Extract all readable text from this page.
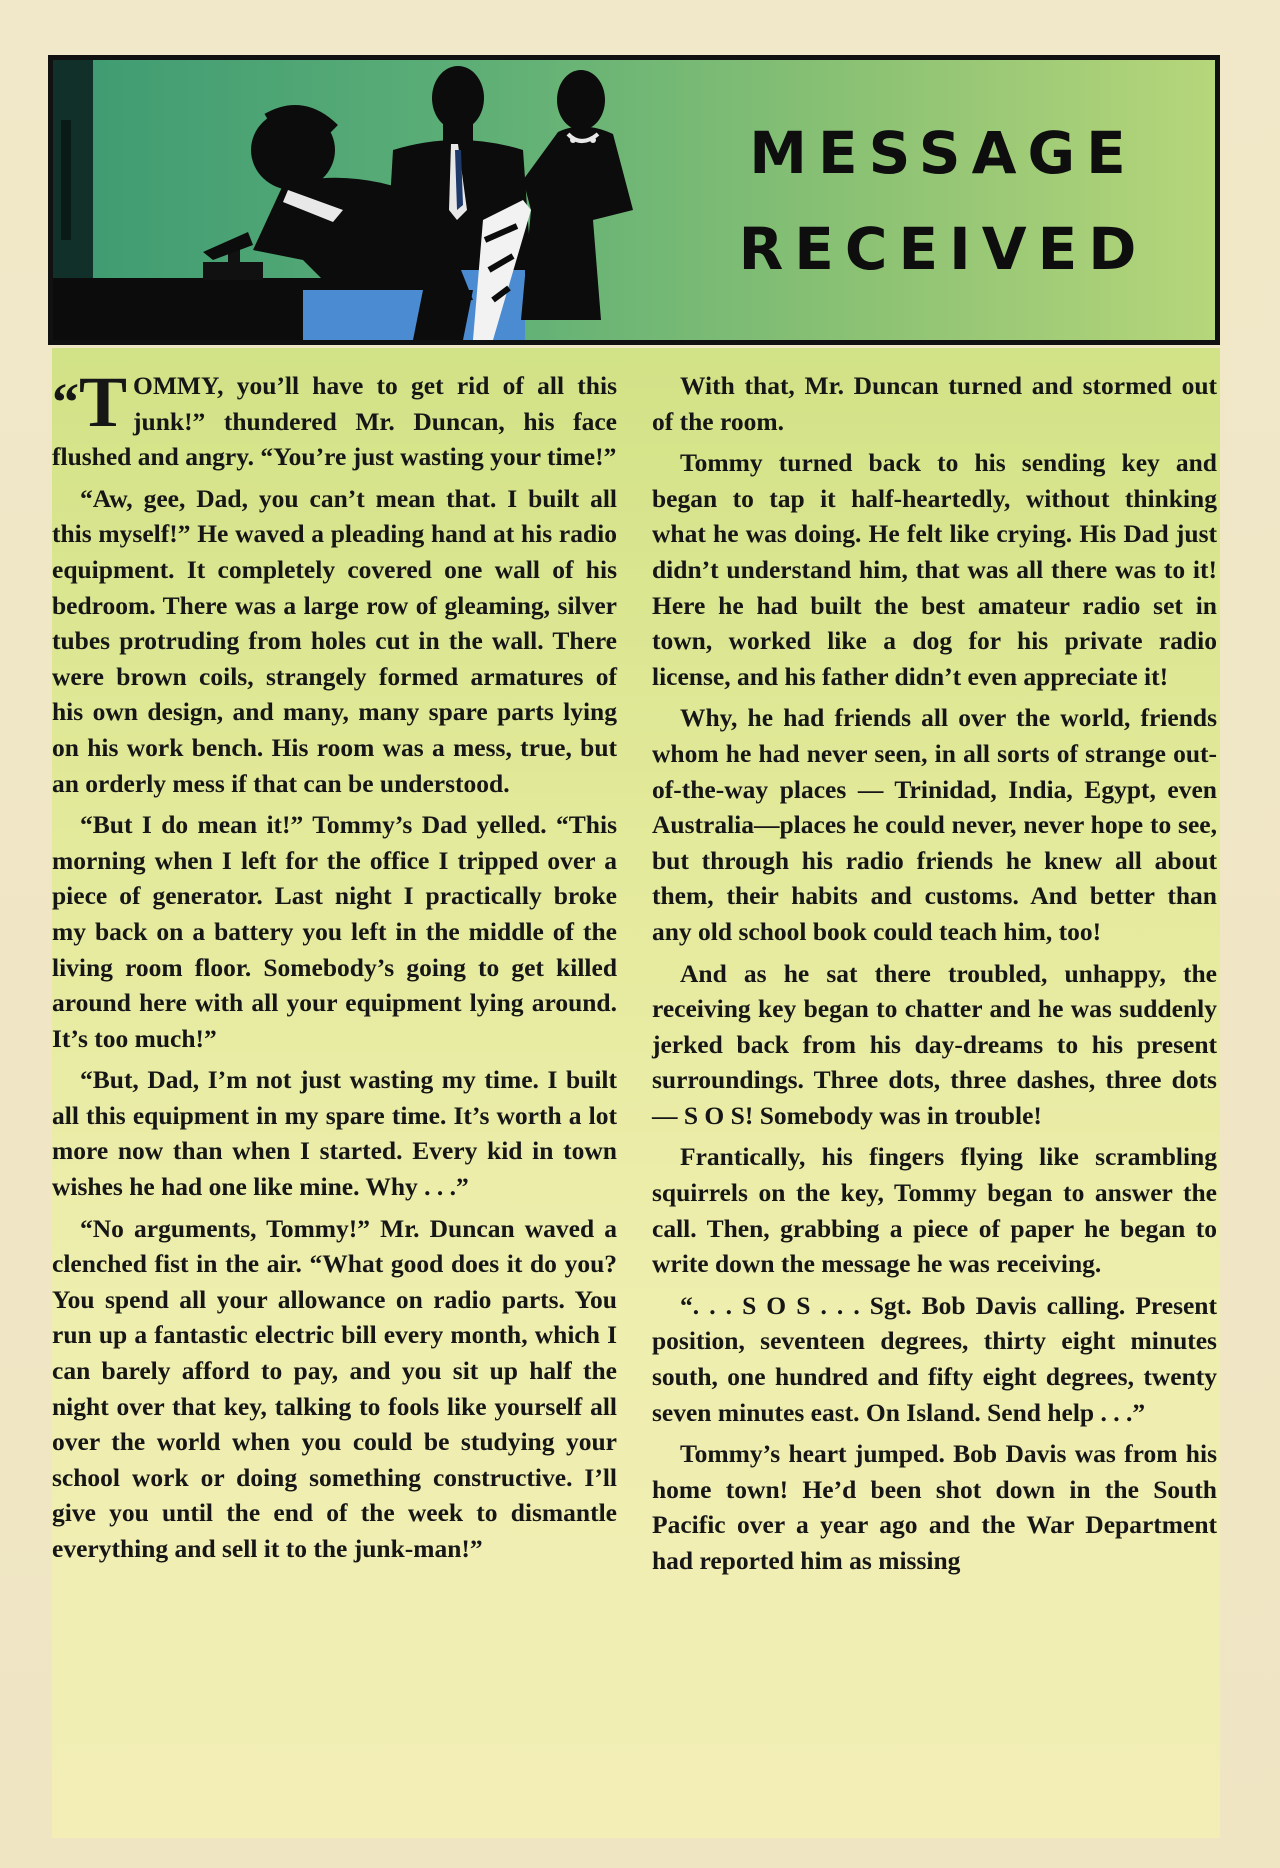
MESSAGE
RECEIVED

“T OMMY, you’ll have to get rid of all this junk!” thundered Mr. Duncan, his face flushed and angry. “You’re just wasting your time!”

“Aw, gee, Dad, you can’t mean that. I built all this myself!” He waved a pleading hand at his radio equipment. It completely covered one wall of his bedroom. There was a large row of gleaming, silver tubes protruding from holes cut in the wall. There were brown coils, strangely formed armatures of his own design, and many, many spare parts lying on his work bench. His room was a mess, true, but an orderly mess if that can be understood.

“But I do mean it!” Tommy’s Dad yelled. “This morning when I left for the office I tripped over a piece of generator. Last night I practically broke my back on a battery you left in the middle of the living room floor. Somebody’s going to get killed around here with all your equipment lying around. It’s too much!”

“But, Dad, I’m not just wasting my time. I built all this equipment in my spare time. It’s worth a lot more now than when I started. Every kid in town wishes he had one like mine. Why . . .”

“No arguments, Tommy!” Mr. Duncan waved a clenched fist in the air. “What good does it do you? You spend all your allowance on radio parts. You run up a fantastic electric bill every month, which I can barely afford to pay, and you sit up half the night over that key, talking to fools like yourself all over the world when you could be studying your school work or doing something constructive. I’ll give you until the end of the week to dismantle everything and sell it to the junk-man!”

With that, Mr. Duncan turned and stormed out of the room.

Tommy turned back to his sending key and began to tap it half-heartedly, without thinking what he was doing. He felt like crying. His Dad just didn’t understand him, that was all there was to it! Here he had built the best amateur radio set in town, worked like a dog for his private radio license, and his father didn’t even appreciate it!

Why, he had friends all over the world, friends whom he had never seen, in all sorts of strange out-of-the-way places — Trinidad, India, Egypt, even Australia—places he could never, never hope to see, but through his radio friends he knew all about them, their habits and customs. And better than any old school book could teach him, too!

And as he sat there troubled, unhappy, the receiving key began to chatter and he was suddenly jerked back from his day-dreams to his present surroundings. Three dots, three dashes, three dots— S O S! Somebody was in trouble!

Frantically, his fingers flying like scrambling squirrels on the key, Tommy began to answer the call. Then, grabbing a piece of paper he began to write down the message he was receiving.

“. . . S O S . . . Sgt. Bob Davis calling. Present position, seventeen degrees, thirty eight minutes south, one hundred and fifty eight degrees, twenty seven minutes east. On Island. Send help . . .”

Tommy’s heart jumped. Bob Davis was from his home town! He’d been shot down in the South Pacific over a year ago and the War Department had reported him as missing
